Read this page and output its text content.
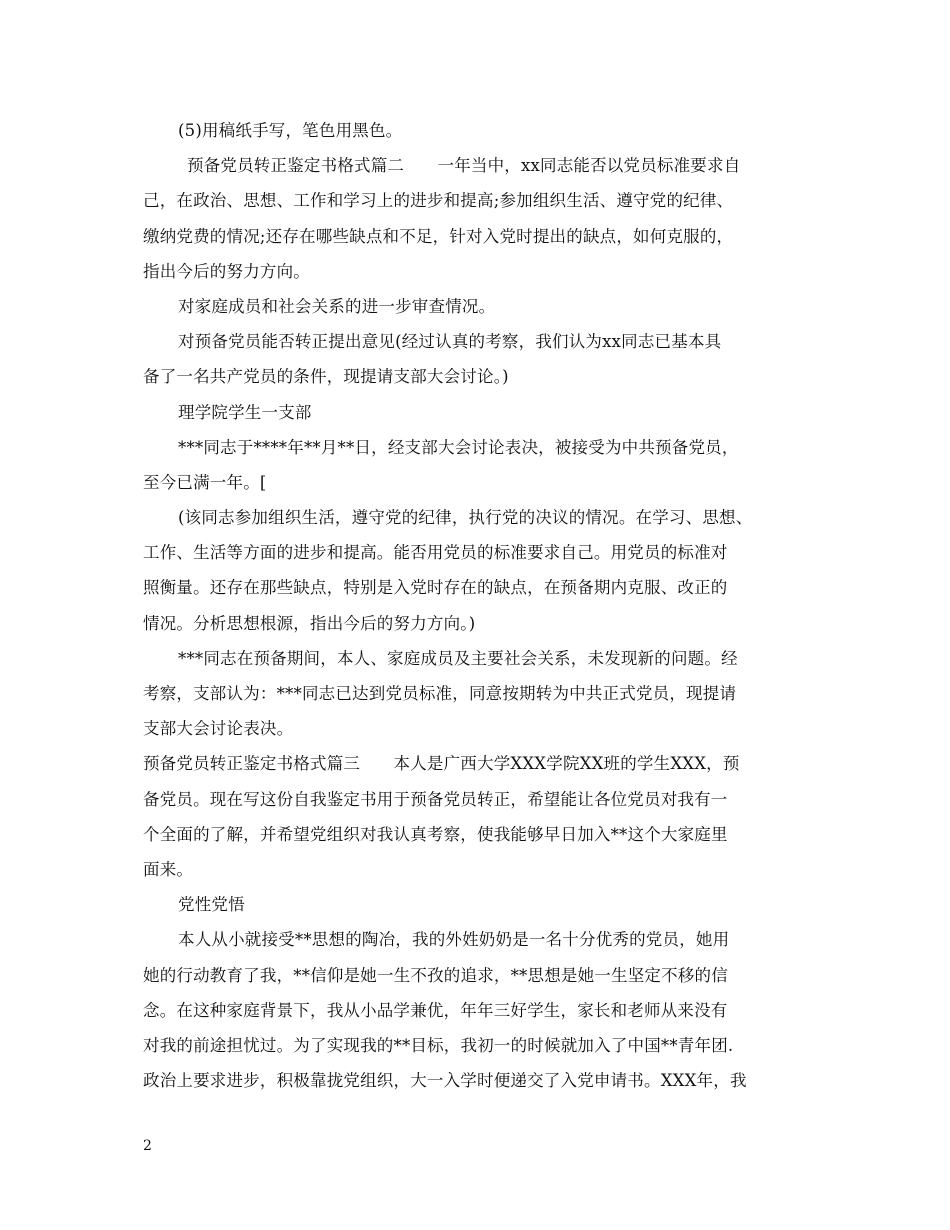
(5)用稿纸手写，笔色用黑色。
预备党员转正鉴定书格式篇二　　一年当中，xx同志能否以党员标准要求自
己，在政治、思想、工作和学习上的进步和提高;参加组织生活、遵守党的纪律、
缴纳党费的情况;还存在哪些缺点和不足，针对入党时提出的缺点，如何克服的，
指出今后的努力方向。
对家庭成员和社会关系的进一步审查情况。
对预备党员能否转正提出意见(经过认真的考察，我们认为xx同志已基本具
备了一名共产党员的条件，现提请支部大会讨论。)
理学院学生一支部
***同志于****年**月**日，经支部大会讨论表决，被接受为中共预备党员，
至今已满一年。[
(该同志参加组织生活，遵守党的纪律，执行党的决议的情况。在学习、思想、
工作、生活等方面的进步和提高。能否用党员的标准要求自己。用党员的标准对
照衡量。还存在那些缺点，特别是入党时存在的缺点，在预备期内克服、改正的
情况。分析思想根源，指出今后的努力方向。)
***同志在预备期间，本人、家庭成员及主要社会关系，未发现新的问题。经
考察，支部认为：***同志已达到党员标准，同意按期转为中共正式党员，现提请
支部大会讨论表决。
预备党员转正鉴定书格式篇三　　本人是广西大学XXX学院XX班的学生XXX，预
备党员。现在写这份自我鉴定书用于预备党员转正，希望能让各位党员对我有一
个全面的了解，并希望党组织对我认真考察，使我能够早日加入**这个大家庭里
面来。
党性党悟
本人从小就接受**思想的陶冶，我的外姓奶奶是一名十分优秀的党员，她用
她的行动教育了我，**信仰是她一生不孜的追求，**思想是她一生坚定不移的信
念。在这种家庭背景下，我从小品学兼优，年年三好学生，家长和老师从来没有
对我的前途担忧过。为了实现我的**目标，我初一的时候就加入了中国**青年团.
政治上要求进步，积极靠拢党组织，大一入学时便递交了入党申请书。XXX年，我
2
